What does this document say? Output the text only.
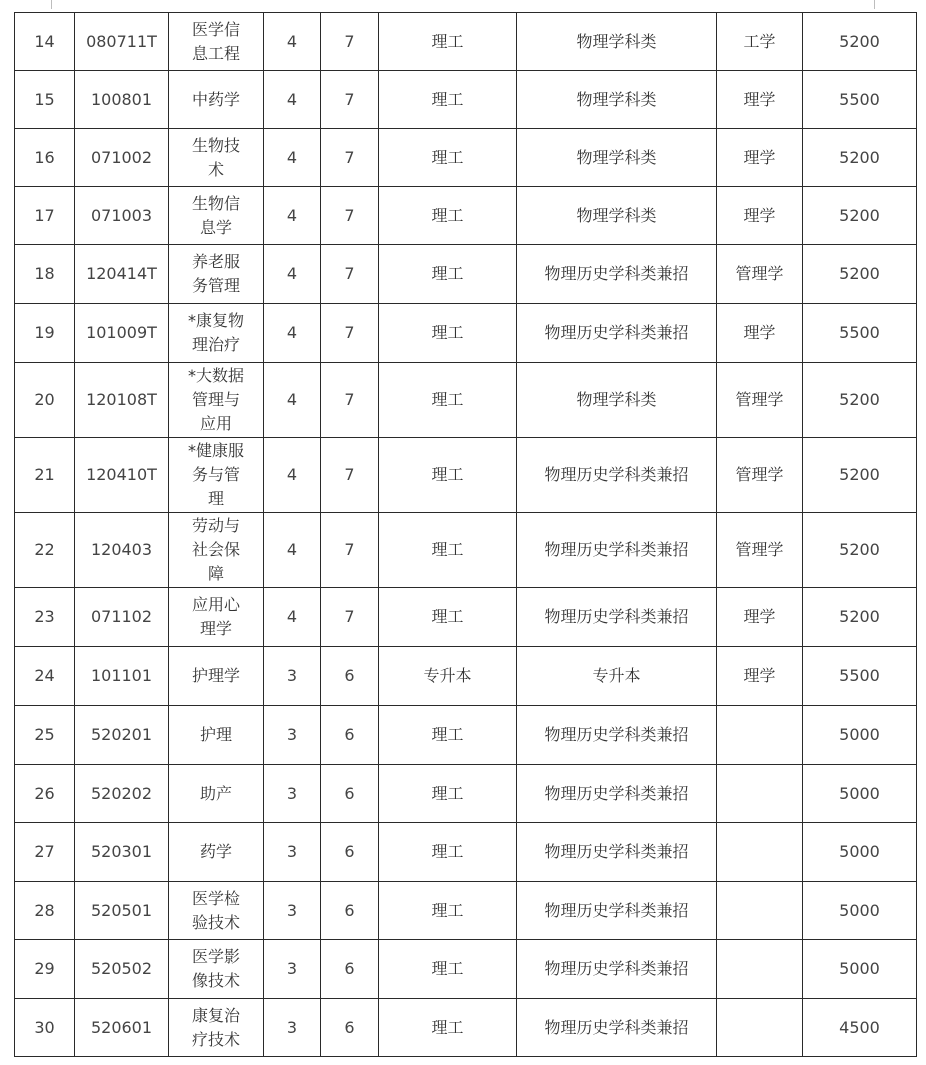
14	080711T	医学信
息工程	4	7	理工	物理学科类	工学	5200
15	100801	中药学	4	7	理工	物理学科类	理学	5500
16	071002	生物技
术	4	7	理工	物理学科类	理学	5200
17	071003	生物信
息学	4	7	理工	物理学科类	理学	5200
18	120414T	养老服
务管理	4	7	理工	物理历史学科类兼招	管理学	5200
19	101009T	*康复物
理治疗	4	7	理工	物理历史学科类兼招	理学	5500
20	120108T	*大数据
管理与
应用	4	7	理工	物理学科类	管理学	5200
21	120410T	*健康服
务与管
理	4	7	理工	物理历史学科类兼招	管理学	5200
22	120403	劳动与
社会保
障	4	7	理工	物理历史学科类兼招	管理学	5200
23	071102	应用心
理学	4	7	理工	物理历史学科类兼招	理学	5200
24	101101	护理学	3	6	专升本	专升本	理学	5500
25	520201	护理	3	6	理工	物理历史学科类兼招		5000
26	520202	助产	3	6	理工	物理历史学科类兼招		5000
27	520301	药学	3	6	理工	物理历史学科类兼招		5000
28	520501	医学检
验技术	3	6	理工	物理历史学科类兼招		5000
29	520502	医学影
像技术	3	6	理工	物理历史学科类兼招		5000
30	520601	康复治
疗技术	3	6	理工	物理历史学科类兼招		4500
